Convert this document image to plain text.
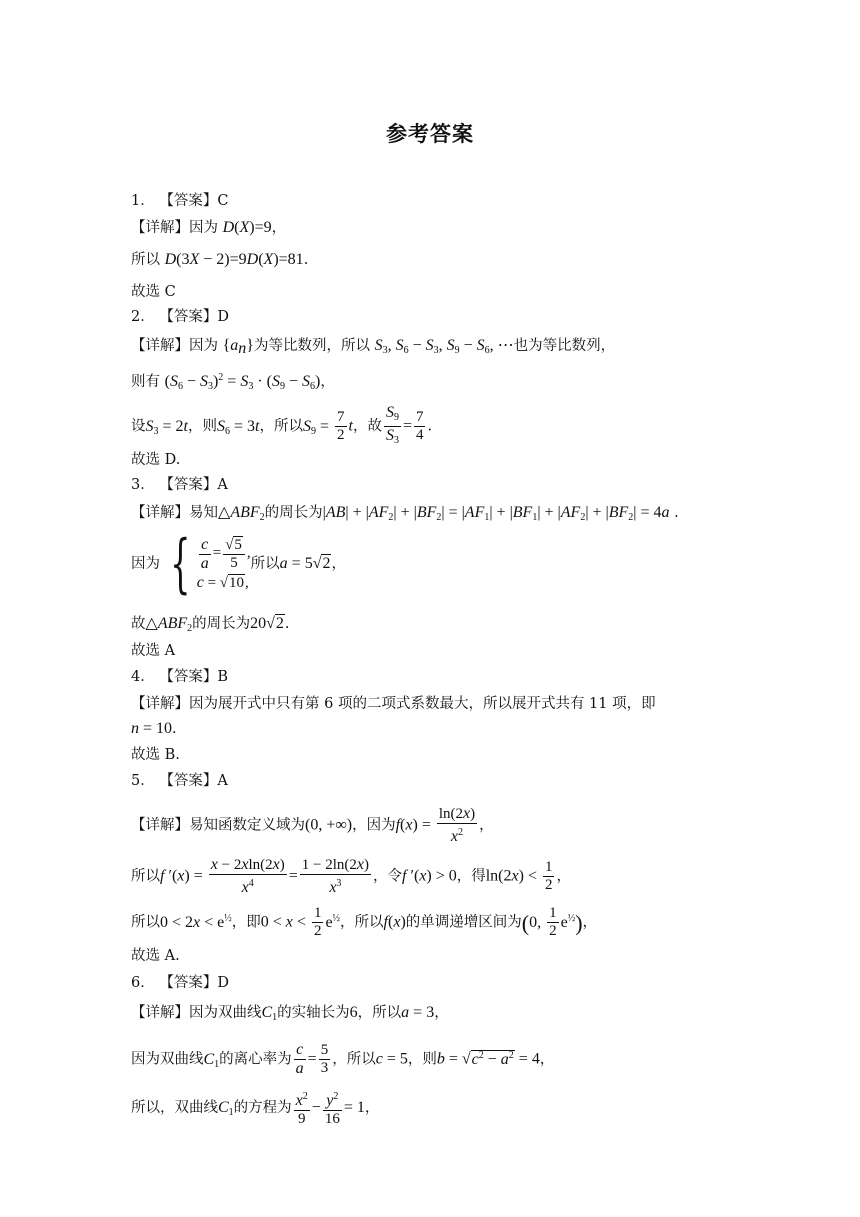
参考答案
1． 【答案】C
【详解】因为 D(X)=9，
所以 D(3X − 2)=9D(X)=81.
故选 C
2． 【答案】D
【详解】因为 $\{a_n\}$为等比数列，所以 $S_3$, $S_6 - S_3$, $S_9 - S_6$, ⋯也为等比数列，
则有 $(S_6 - S_3)^2 = S_3 \cdot (S_9 - S_6)$，
设$S_3 = 2t$，则$S_6 = 3t$，所以$S_9 = \frac{7}{2}$ t，故 $\frac{S_9}{S_3} = \frac{7}{4}$ .
故选 D.
3． 【答案】A
【详解】易知$\triangle ABF_2$的周长为$|AB| + |AF_2| + |BF_2| = |AF_1| + |BF_1| + |AF_2| + |BF_2| = 4a$ .
因为 { $\frac{c}{a} = \frac{√5}{5}$ ,
c = √10,所以a = 5√2，
故$\triangle ABF_2$的周长为20√2.
故选 A
4． 【答案】B
【详解】因为展开式中只有第 6 项的二项式系数最大，所以展开式共有 11 项，即
n = 10.
故选 B.
5． 【答案】A
【详解】易知函数定义域为(0, +∞)，因为$f(x) = \frac{\ln(2x)}{x^2}$ ，
所以f $'(x) = \frac{x - 2xln(2x)}{x^4} = \frac{1 - 2\ln(2x)}{x^3}$ ，令f ′(x) > 0，得$\ln(2x) < \frac{1}{2}$ ，
所以$0 < 2x < e^{\frac{1}{2}}$，即$0 < x < \frac{1}{2} e^{\frac{1}{2}}$，所以f(x)的单调递增区间为(0, $\frac{1}{2} e^{\frac{1}{2}}$)，
故选 A.
6． 【答案】D
【详解】因为双曲线$C_1$的实轴长为6，所以a = 3，
因为双曲线$C_1$的离心率为 $\frac{c}{a} = \frac{5}{3}$ ，所以c = 5，则$b = √c^2 - a^2 = 4$，
所以，双曲线$C_1$的方程为 $\frac{x^2}{9} - \frac{y^2}{16} = 1$，
